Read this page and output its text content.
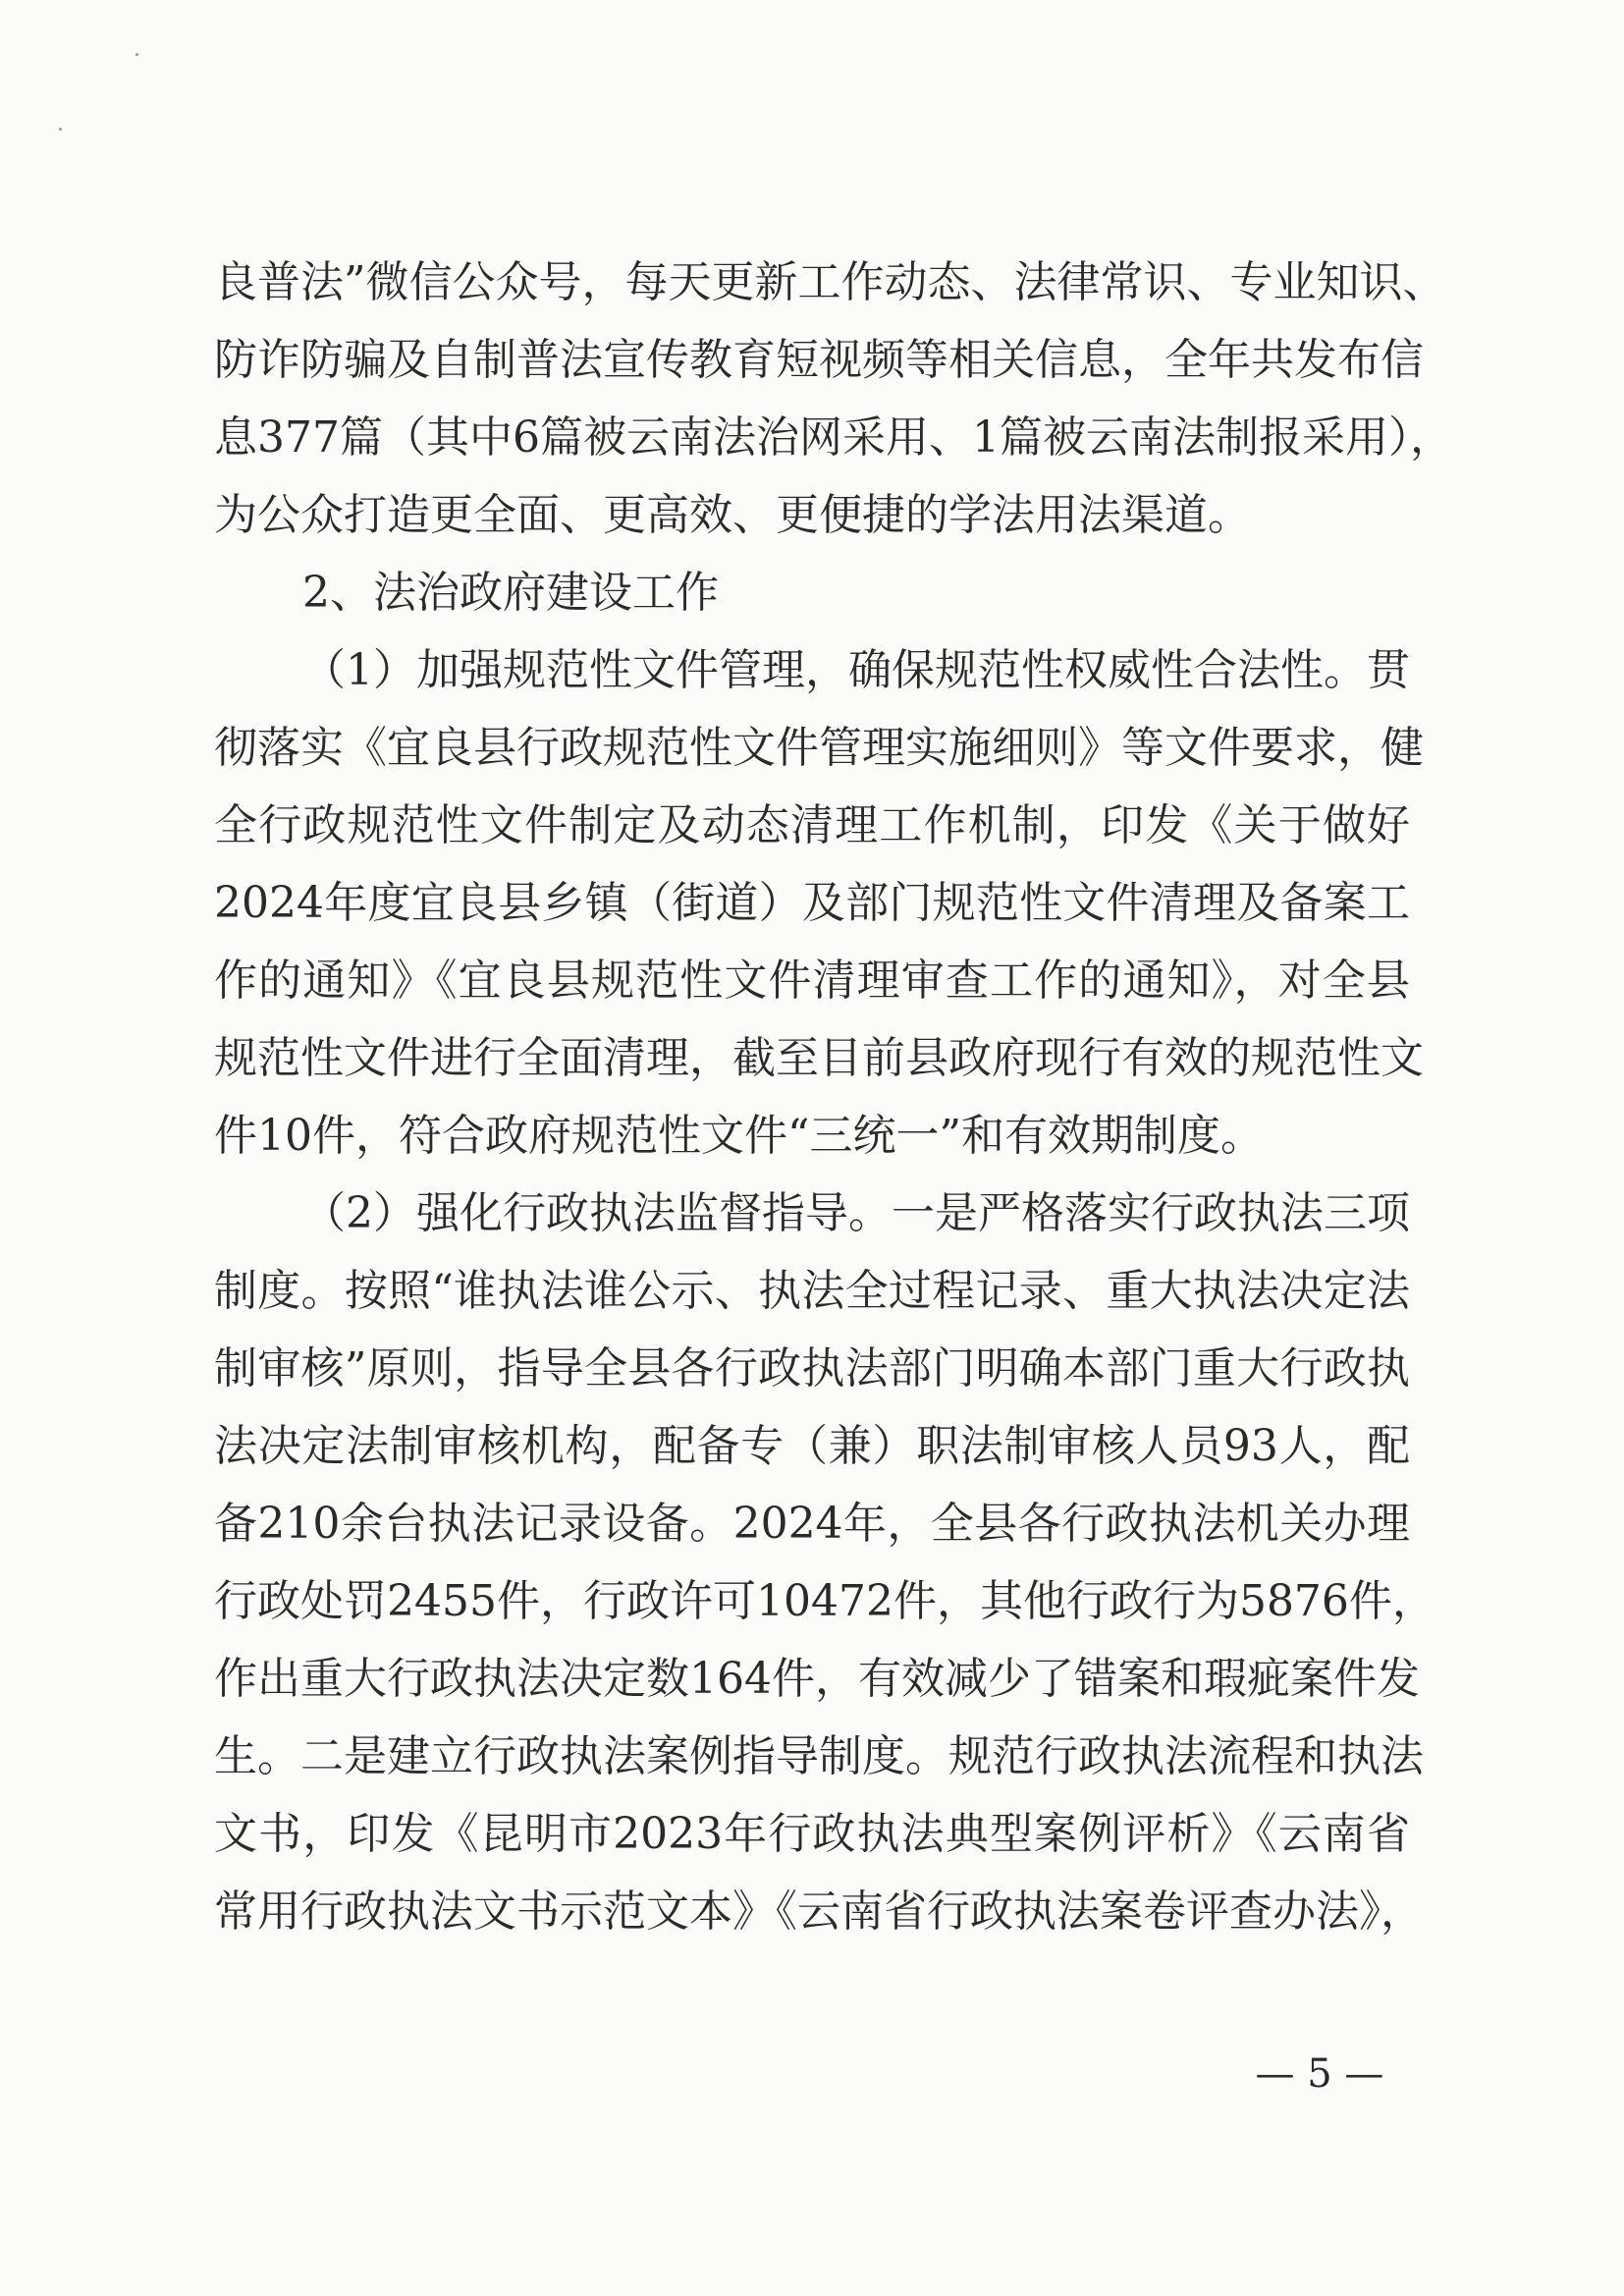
良普法”微信公众号，每天更新工作动态、法律常识、专业知识、
防诈防骗及自制普法宣传教育短视频等相关信息，全年共发布信
息377篇（其中6篇被云南法治网采用、1篇被云南法制报采用），
为公众打造更全面、更高效、更便捷的学法用法渠道。
2、法治政府建设工作
（1）加强规范性文件管理，确保规范性权威性合法性。贯
彻落实《宜良县行政规范性文件管理实施细则》等文件要求，健
全行政规范性文件制定及动态清理工作机制，印发《关于做好
2024年度宜良县乡镇（街道）及部门规范性文件清理及备案工
作的通知》《宜良县规范性文件清理审查工作的通知》，对全县
规范性文件进行全面清理，截至目前县政府现行有效的规范性文
件10件，符合政府规范性文件“三统一”和有效期制度。
（2）强化行政执法监督指导。一是严格落实行政执法三项
制度。按照“谁执法谁公示、执法全过程记录、重大执法决定法
制审核”原则，指导全县各行政执法部门明确本部门重大行政执
法决定法制审核机构，配备专（兼）职法制审核人员93人，配
备210余台执法记录设备。2024年，全县各行政执法机关办理
行政处罚2455件，行政许可10472件，其他行政行为5876件，
作出重大行政执法决定数164件，有效减少了错案和瑕疵案件发
生。二是建立行政执法案例指导制度。规范行政执法流程和执法
文书，印发《昆明市2023年行政执法典型案例评析》《云南省
常用行政执法文书示范文本》《云南省行政执法案卷评查办法》，
— 5 —
